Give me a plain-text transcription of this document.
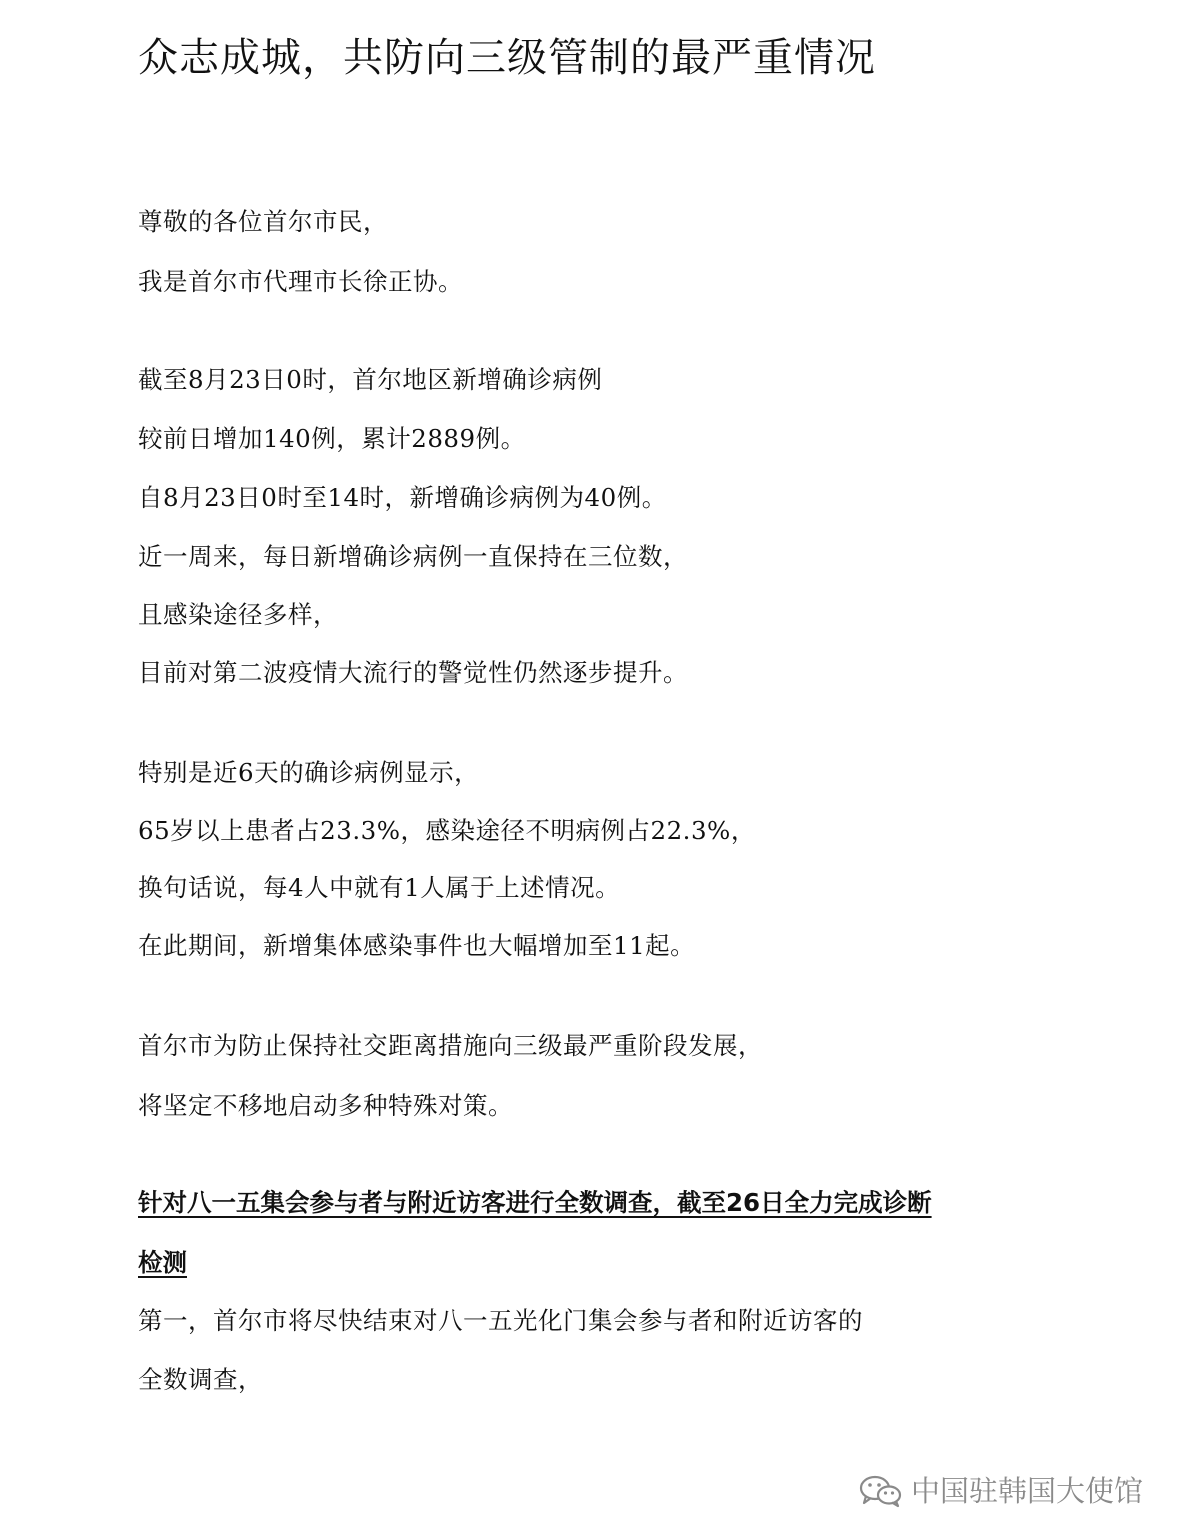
众志成城，共防向三级管制的最严重情况

尊敬的各位首尔市民，

我是首尔市代理市长徐正协。

截至8月23日0时，首尔地区新增确诊病例

较前日增加140例，累计2889例。

自8月23日0时至14时，新增确诊病例为40例。

近一周来，每日新增确诊病例一直保持在三位数，

且感染途径多样，

目前对第二波疫情大流行的警觉性仍然逐步提升。

特别是近6天的确诊病例显示，

65岁以上患者占23.3%，感染途径不明病例占22.3%，

换句话说，每4人中就有1人属于上述情况。

在此期间，新增集体感染事件也大幅增加至11起。

首尔市为防止保持社交距离措施向三级最严重阶段发展，

将坚定不移地启动多种特殊对策。

针对八一五集会参与者与附近访客进行全数调查，截至26日全力完成诊断

检测

第一，首尔市将尽快结束对八一五光化门集会参与者和附近访客的

全数调查，

中国驻韩国大使馆
